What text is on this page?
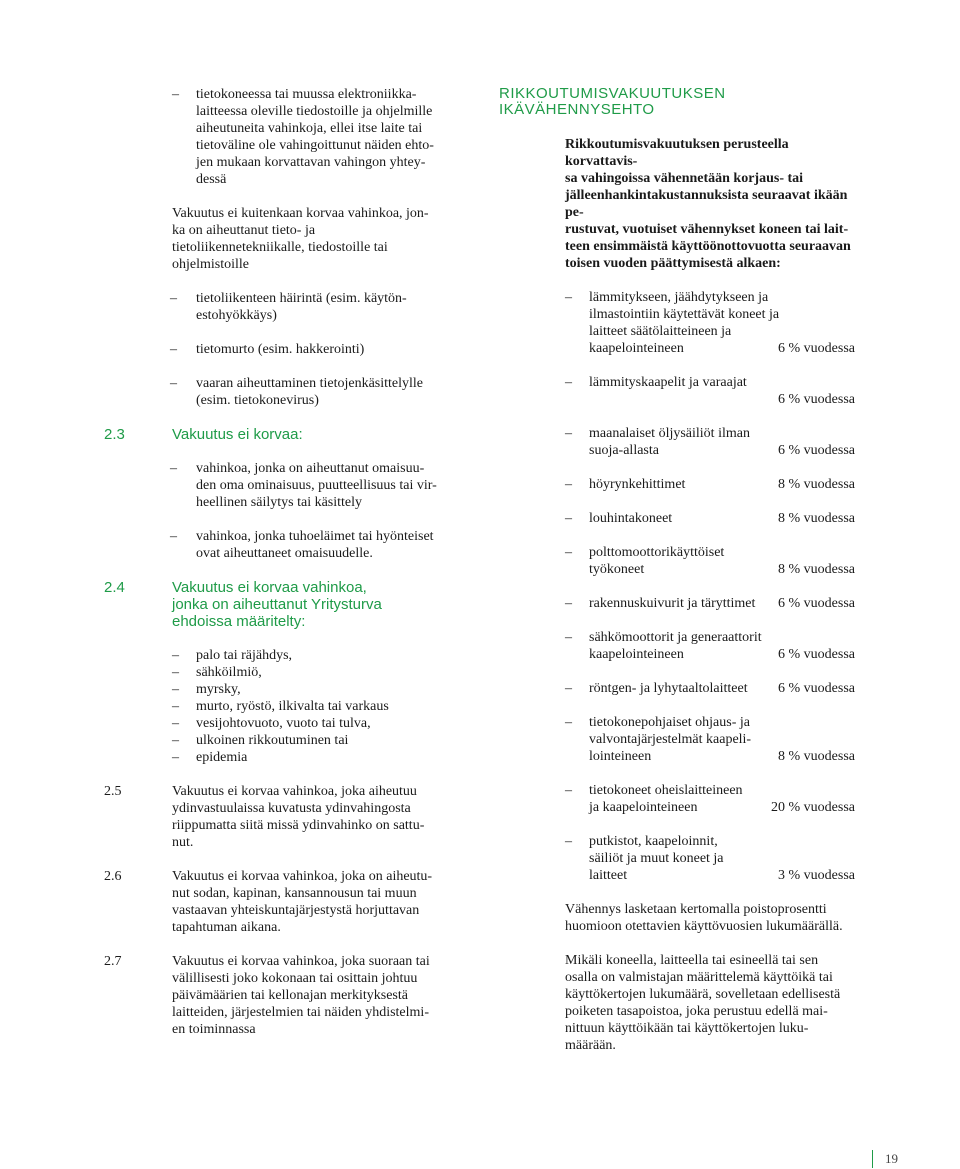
–	tietokoneessa tai muussa elektroniikka-
laitteessa oleville tiedostoille ja ohjelmille
aiheutuneita vahinkoja, ellei itse laite tai
tietoväline ole vahingoittunut näiden ehto-
jen mukaan korvattavan vahingon yhtey-
dessä
Vakuutus ei kuitenkaan korvaa vahinkoa, jon-
ka on aiheuttanut tieto- ja
tietoliikennetekniikalle, tiedostoille tai
ohjelmistoille
– tietoliikenteen häirintä (esim. käytön-
estohyökkäys)
– tietomurto (esim. hakkerointi)
– vaaran aiheuttaminen tietojenkäsittelylle
(esim. tietokonevirus)
2.3	Vakuutus ei korvaa:
– vahinkoa, jonka on aiheuttanut omaisuu-
den oma ominaisuus, puutteellisuus tai vir-
heellinen säilytys tai käsittely
– vahinkoa, jonka tuhoeläimet tai hyönteiset
ovat aiheuttaneet omaisuudelle.
2.4	Vakuutus ei korvaa vahinkoa,
jonka on aiheuttanut Yritysturva
ehdoissa määritelty:
– palo tai räjähdys,
– sähköilmiö,
– myrsky,
– murto, ryöstö, ilkivalta tai varkaus
– vesijohtovuoto, vuoto tai tulva,
– ulkoinen rikkoutuminen tai
– epidemia
2.5	Vakuutus ei korvaa vahinkoa, joka aiheutuu
ydinvastuulaissa kuvatusta ydinvahingosta
riippumatta siitä missä ydinvahinko on sattu-
nut.
2.6	Vakuutus ei korvaa vahinkoa, joka on aiheutu-
nut sodan, kapinan, kansannousun tai muun
vastaavan yhteiskuntajärjestystä horjuttavan
tapahtuman aikana.
2.7	Vakuutus ei korvaa vahinkoa, joka suoraan tai
välillisesti joko kokonaan tai osittain johtuu
päivämäärien tai kellonajan merkityksestä
laitteiden, järjestelmien tai näiden yhdistelmi-
en toiminnassa
RIKKOUTUMISVAKUUTUKSEN
IKÄVÄHENNYSEHTO
Rikkoutumisvakuutuksen perusteella korvattavis-
sa vahingoissa vähennetään korjaus- tai
jälleenhankintakustannuksista seuraavat ikään pe-
rustuvat, vuotuiset vähennykset koneen tai lait-
teen ensimmäistä käyttöönottovuotta seuraavan
toisen vuoden päättymisestä alkaen:
– lämmitykseen, jäähdytykseen ja
ilmastointiin käytettävät koneet ja
laitteet säätölaitteineen ja
kaapelointeineen	6 % vuodessa
– lämmityskaapelit ja varaajat
6 % vuodessa
– maanalaiset öljysäiliöt ilman
suoja-allasta	6 % vuodessa
– höyrynkehittimet	8 % vuodessa
– louhintakoneet	8 % vuodessa
– polttomoottorikäyttöiset
työkoneet	8 % vuodessa
– rakennuskuivurit ja täryttimet 6 % vuodessa
– sähkömoottorit ja generaattorit
kaapelointeineen	6 % vuodessa
– röntgen- ja lyhytaaltolaitteet 6 % vuodessa
– tietokonepohjaiset ohjaus- ja
valvontajärjestelmät kaapeli-
lointeineen	8 % vuodessa
– tietokoneet oheislaitteineen
ja kaapelointeineen	20 % vuodessa
– putkistot, kaapeloinnit,
säiliöt ja muut koneet ja
laitteet	3 % vuodessa
Vähennys lasketaan kertomalla poistoprosentti
huomioon otettavien käyttövuosien lukumäärällä.
Mikäli koneella, laitteella tai esineellä tai sen
osalla on valmistajan määrittelemä käyttöikä tai
käyttökertojen lukumäärä, sovelletaan edellisestä
poiketen tasapoistoa, joka perustuu edellä mai-
nittuun käyttöikään tai käyttökertojen luku-
määrään.
19
